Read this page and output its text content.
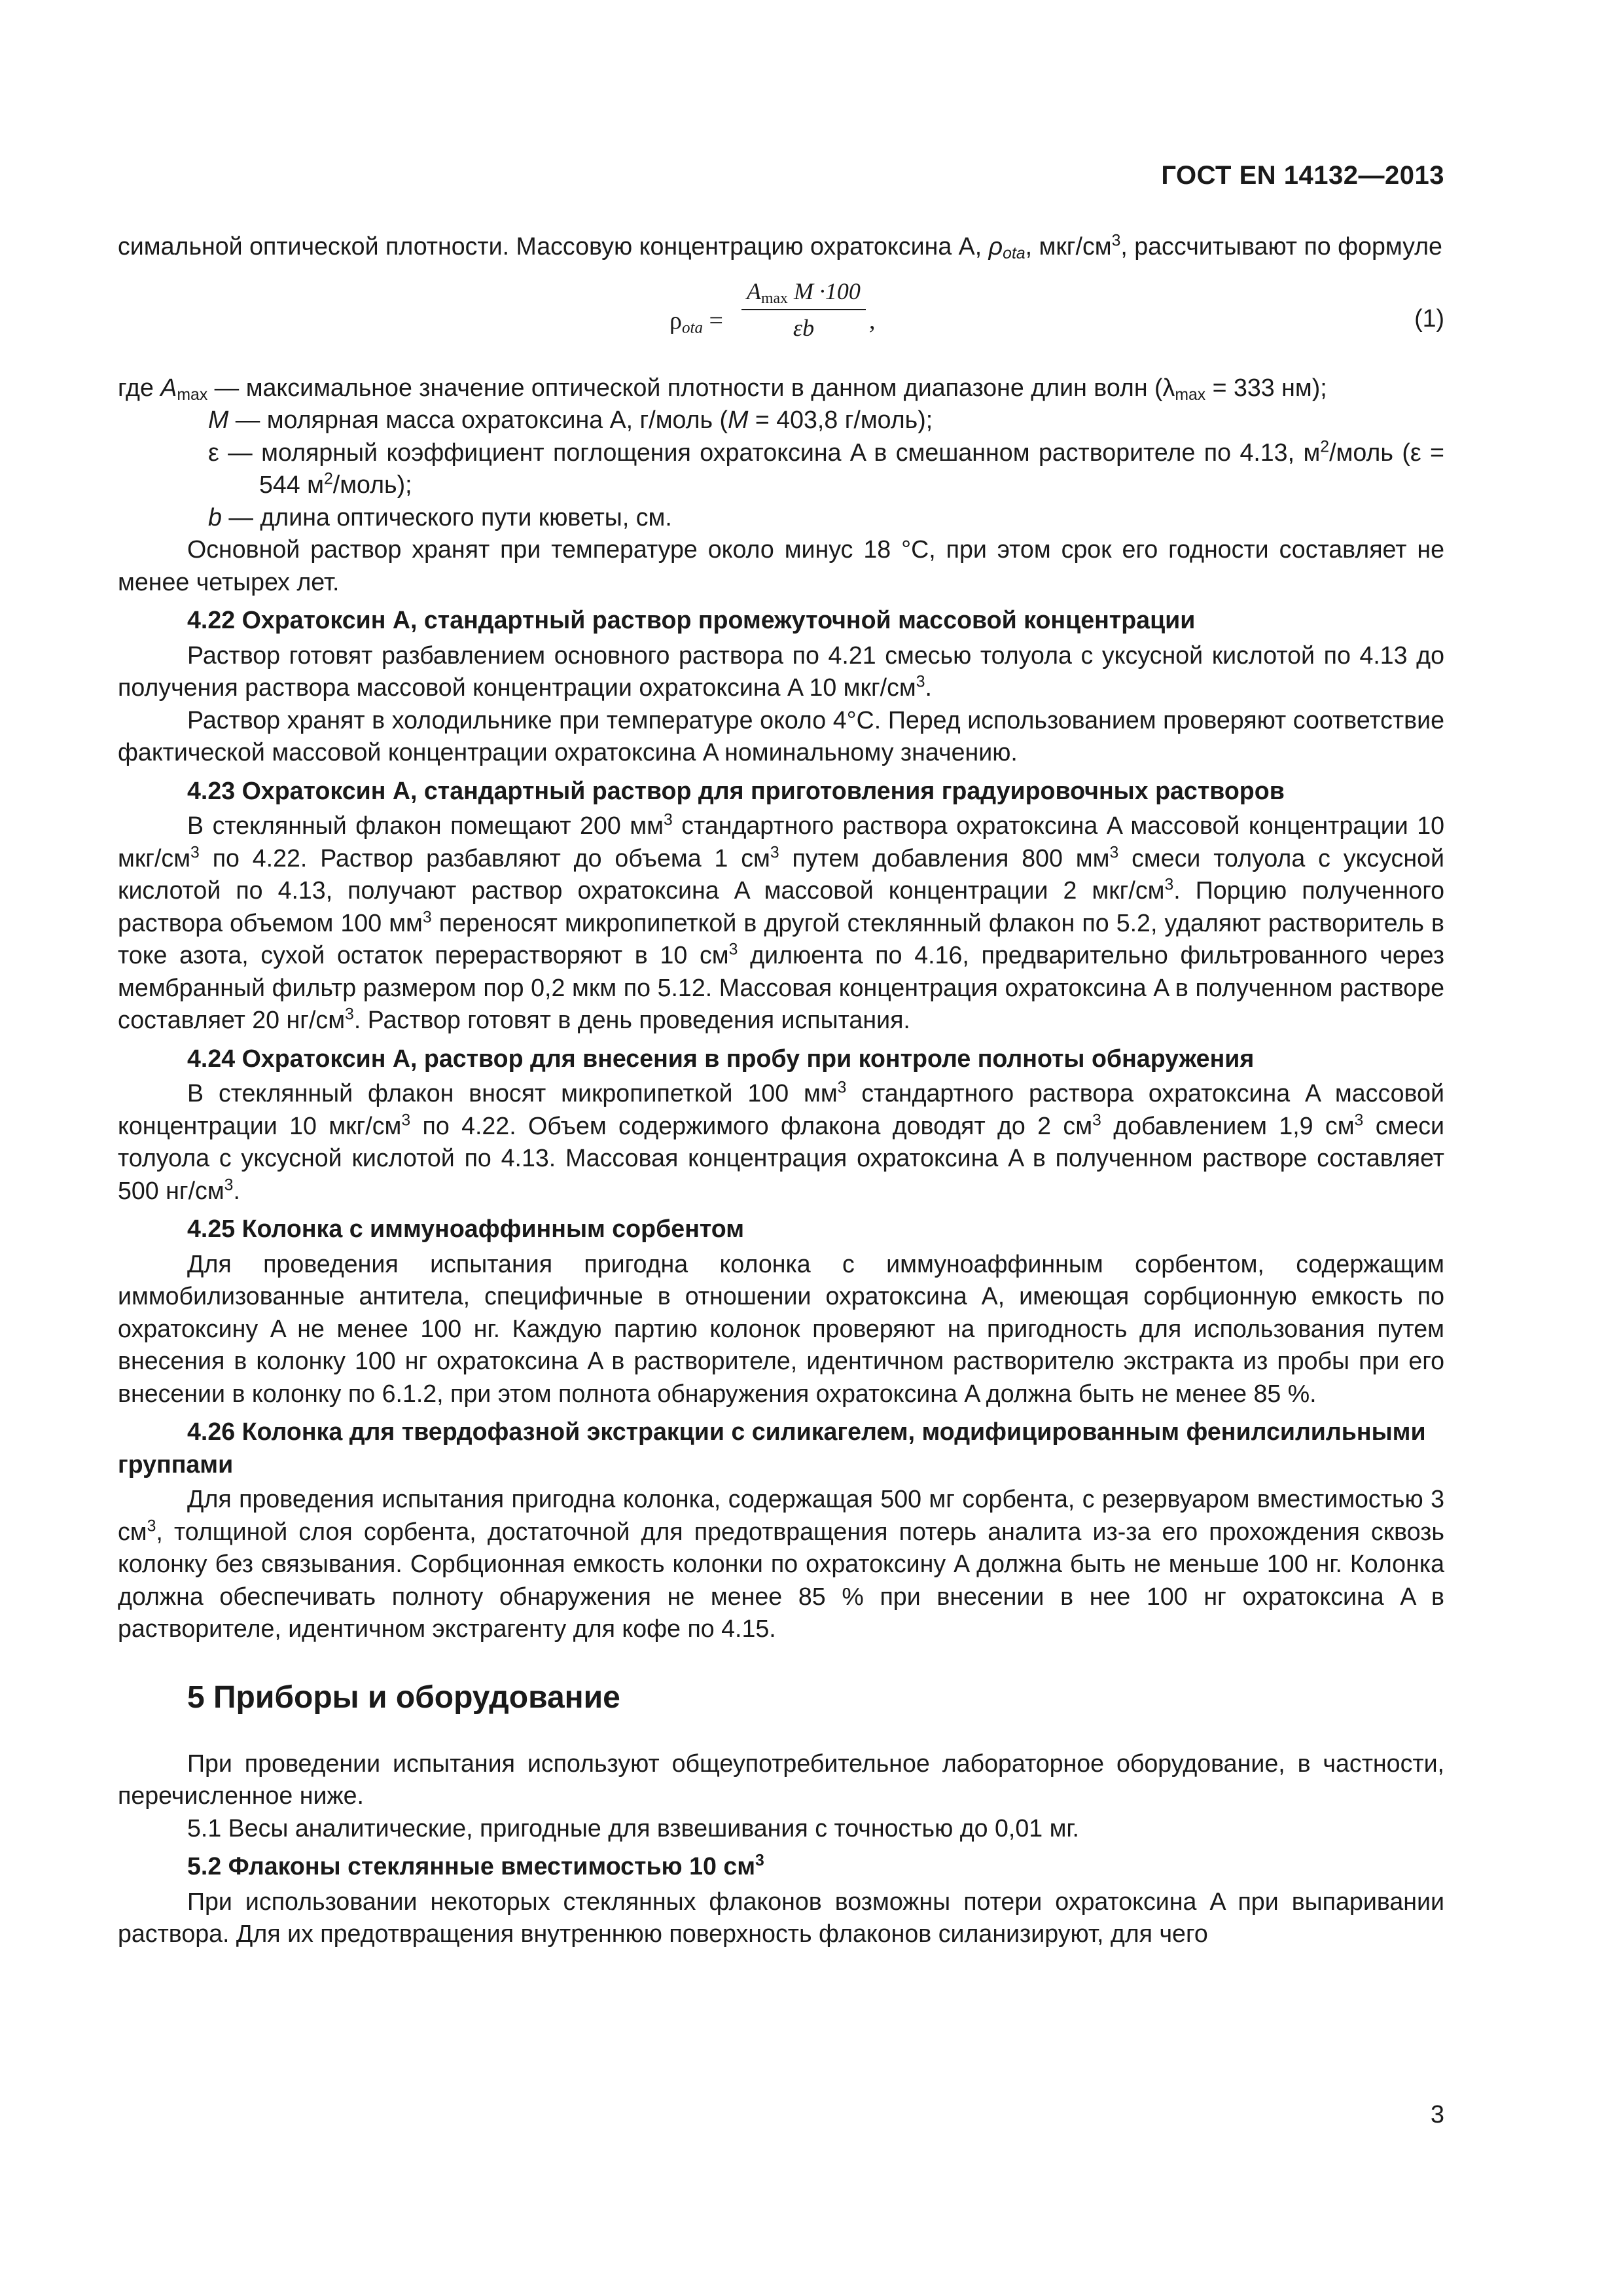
ГОСТ EN 14132—2013

симальной оптической плотности. Массовую концентрацию охратоксина A, $\rho_{ota}$, мкг/$см^3$, рассчитывают по формуле

$\rho_{ota}$ =
$A_{max}$ M ·100
εb	,	(1)

где $A_{max}$ — максимальное значение оптической плотности в данном диапазоне длин волн ($\lambda_{max} = 333$ нм);

M — молярная масса охратоксина A, г/моль (M = 403,8 г/моль);

ε — молярный коэффициент поглощения охратоксина A в смешанном растворителе по 4.13, $м^2$/моль (ε = 544 $м^2/моль$);

b — длина оптического пути кюветы, см.

Основной раствор хранят при температуре около минус 18 °C, при этом срок его годности составляет не менее четырех лет.

4.22 Охратоксин A, стандартный раствор промежуточной массовой концентрации

Раствор готовят разбавлением основного раствора по 4.21 смесью толуола с уксусной кислотой по 4.13 до получения раствора массовой концентрации охратоксина A 10 мкг/$см^3$.

Раствор хранят в холодильнике при температуре около 4°С. Перед использованием проверяют соответствие фактической массовой концентрации охратоксина A номинальному значению.

4.23 Охратоксин A, стандартный раствор для приготовления градуировочных растворов

В стеклянный флакон помещают 200 $мм^3$ стандартного раствора охратоксина A массовой концентрации 10 мкг/$см^3$ по 4.22. Раствор разбавляют до объема 1 $см^3$ путем добавления 800 $мм^3$ смеси толуола с уксусной кислотой по 4.13, получают раствор охратоксина A массовой концентрации 2 мкг/$см^3$. Порцию полученного раствора объемом 100 $мм^3$ переносят микропипеткой в другой стеклянный флакон по 5.2, удаляют растворитель в токе азота, сухой остаток перерастворяют в 10 $см^3$ дилюента по 4.16, предварительно фильтрованного через мембранный фильтр размером пор 0,2 мкм по 5.12. Массовая концентрация охратоксина A в полученном растворе составляет 20 $нг/см^3$. Раствор готовят в день проведения испытания.

4.24 Охратоксин A, раствор для внесения в пробу при контроле полноты обнаружения

В стеклянный флакон вносят микропипеткой 100 $мм^3$ стандартного раствора охратоксина A массовой концентрации 10 мкг/$см^3$ по 4.22. Объем содержимого флакона доводят до 2 $см^3$ добавлением 1,9 $см^3$ смеси толуола с уксусной кислотой по 4.13. Массовая концентрация охратоксина A в полученном растворе составляет 500 $нг/см^3$.

4.25 Колонка с иммуноаффинным сорбентом

Для проведения испытания пригодна колонка с иммуноаффинным сорбентом, содержащим иммобилизованные антитела, специфичные в отношении охратоксина A, имеющая сорбционную емкость по охратоксину A не менее 100 нг. Каждую партию колонок проверяют на пригодность для использования путем внесения в колонку 100 нг охратоксина A в растворителе, идентичном растворителю экстракта из пробы при его внесении в колонку по 6.1.2, при этом полнота обнаружения охратоксина A должна быть не менее 85 %.

4.26 Колонка для твердофазной экстракции с силикагелем, модифицированным фенилсилильными группами

Для проведения испытания пригодна колонка, содержащая 500 мг сорбента, с резервуаром вместимостью 3 $см^3$, толщиной слоя сорбента, достаточной для предотвращения потерь аналита из-за его прохождения сквозь колонку без связывания. Сорбционная емкость колонки по охратоксину A должна быть не меньше 100 нг. Колонка должна обеспечивать полноту обнаружения не менее 85 % при внесении в нее 100 нг охратоксина A в растворителе, идентичном экстрагенту для кофе по 4.15.

5 Приборы и оборудование

При проведении испытания используют общеупотребительное лабораторное оборудование, в частности, перечисленное ниже.

5.1 Весы аналитические, пригодные для взвешивания с точностью до 0,01 мг.

5.2 Флаконы стеклянные вместимостью 10 $см^3$

При использовании некоторых стеклянных флаконов возможны потери охратоксина A при выпаривании раствора. Для их предотвращения внутреннюю поверхность флаконов силанизируют, для чего

3
